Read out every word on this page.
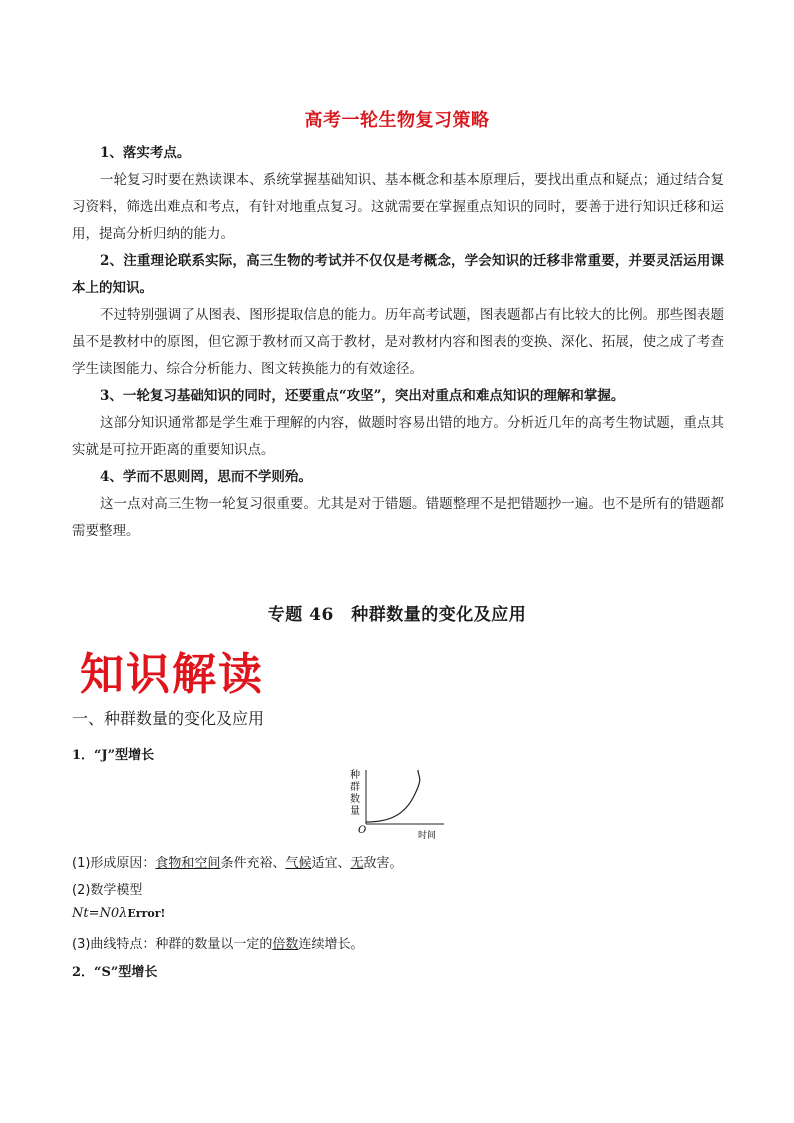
高考一轮生物复习策略
1、落实考点。
一轮复习时要在熟读课本、系统掌握基础知识、基本概念和基本原理后，要找出重点和疑点；通过结合复习资料，筛选出难点和考点，有针对地重点复习。这就需要在掌握重点知识的同时，要善于进行知识迁移和运用，提高分析归纳的能力。
2、注重理论联系实际，高三生物的考试并不仅仅是考概念，学会知识的迁移非常重要，并要灵活运用课本上的知识。
不过特别强调了从图表、图形提取信息的能力。历年高考试题，图表题都占有比较大的比例。那些图表题虽不是教材中的原图，但它源于教材而又高于教材，是对教材内容和图表的变换、深化、拓展，使之成了考查学生读图能力、综合分析能力、图文转换能力的有效途径。
3、一轮复习基础知识的同时，还要重点“攻坚”，突出对重点和难点知识的理解和掌握。
这部分知识通常都是学生难于理解的内容，做题时容易出错的地方。分析近几年的高考生物试题，重点其实就是可拉开距离的重要知识点。
4、学而不思则罔，思而不学则殆。
这一点对高三生物一轮复习很重要。尤其是对于错题。错题整理不是把错题抄一遍。也不是所有的错题都需要整理。
专题 46　种群数量的变化及应用
知识解读
一、种群数量的变化及应用
1．“J”型增长
种
群
数
量
O	时间
(1)形成原因：食物和空间条件充裕、气候适宜、无敌害。
(2)数学模型
Nt=N0λError!
(3)曲线特点：种群的数量以一定的倍数连续增长。
2．“S”型增长
